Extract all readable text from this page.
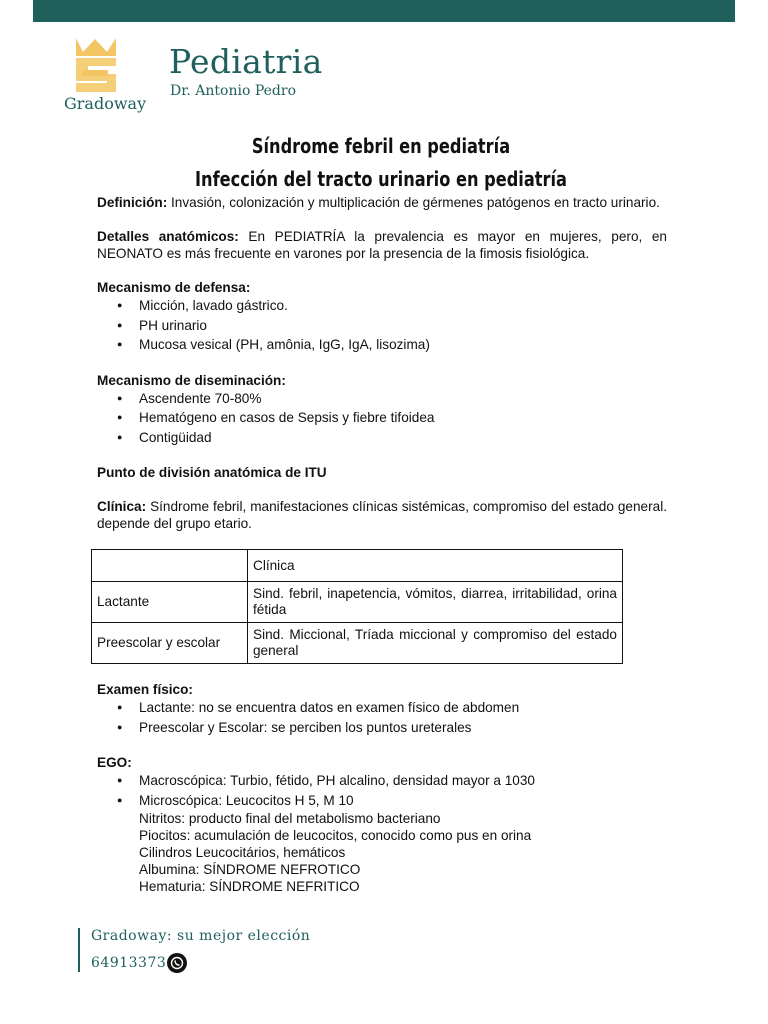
Gradoway
Pediatria
Dr. Antonio Pedro
Síndrome febril en pediatría
Infección del tracto urinario en pediatría

Definición: Invasión, colonización y multiplicación de gérmenes patógenos en tracto urinario.

Detalles anatómicos: En PEDIATRÍA la prevalencia es mayor en mujeres, pero, en NEONATO es más frecuente en varones por la presencia de la fimosis fisiológica.

Mecanismo de defensa:

● Micción, lavado gástrico.
● PH urinario
● Mucosa vesical (PH, amônia, IgG, IgA, lisozima)

Mecanismo de diseminación:

● Ascendente 70-80%
● Hematógeno en casos de Sepsis y fiebre tifoidea
● Contigüidad

Punto de división anatómica de ITU

Clínica: Síndrome febril, manifestaciones clínicas sistémicas, compromiso del estado general. depende del grupo etario.

	Clínica
Lactante	Sind. febril, inapetencia, vómitos, diarrea, irritabilidad, orina fétida
Preescolar y escolar	Sind. Miccional, Tríada miccional y compromiso del estado general

Examen físico:

● Lactante: no se encuentra datos en examen físico de abdomen
● Preescolar y Escolar: se perciben los puntos ureterales

EGO:

● Macroscópica: Turbio, fétido, PH alcalino, densidad mayor a 1030
● Microscópica: Leucocitos H 5, M 10
Nitritos: producto final del metabolismo bacteriano
Piocitos: acumulación de leucocitos, conocido como pus en orina
Cilindros Leucocitários, hemáticos
Albumina: SÍNDROME NEFROTICO
Hematuria: SÍNDROME NEFRITICO
Gradoway: su mejor elección
64913373
